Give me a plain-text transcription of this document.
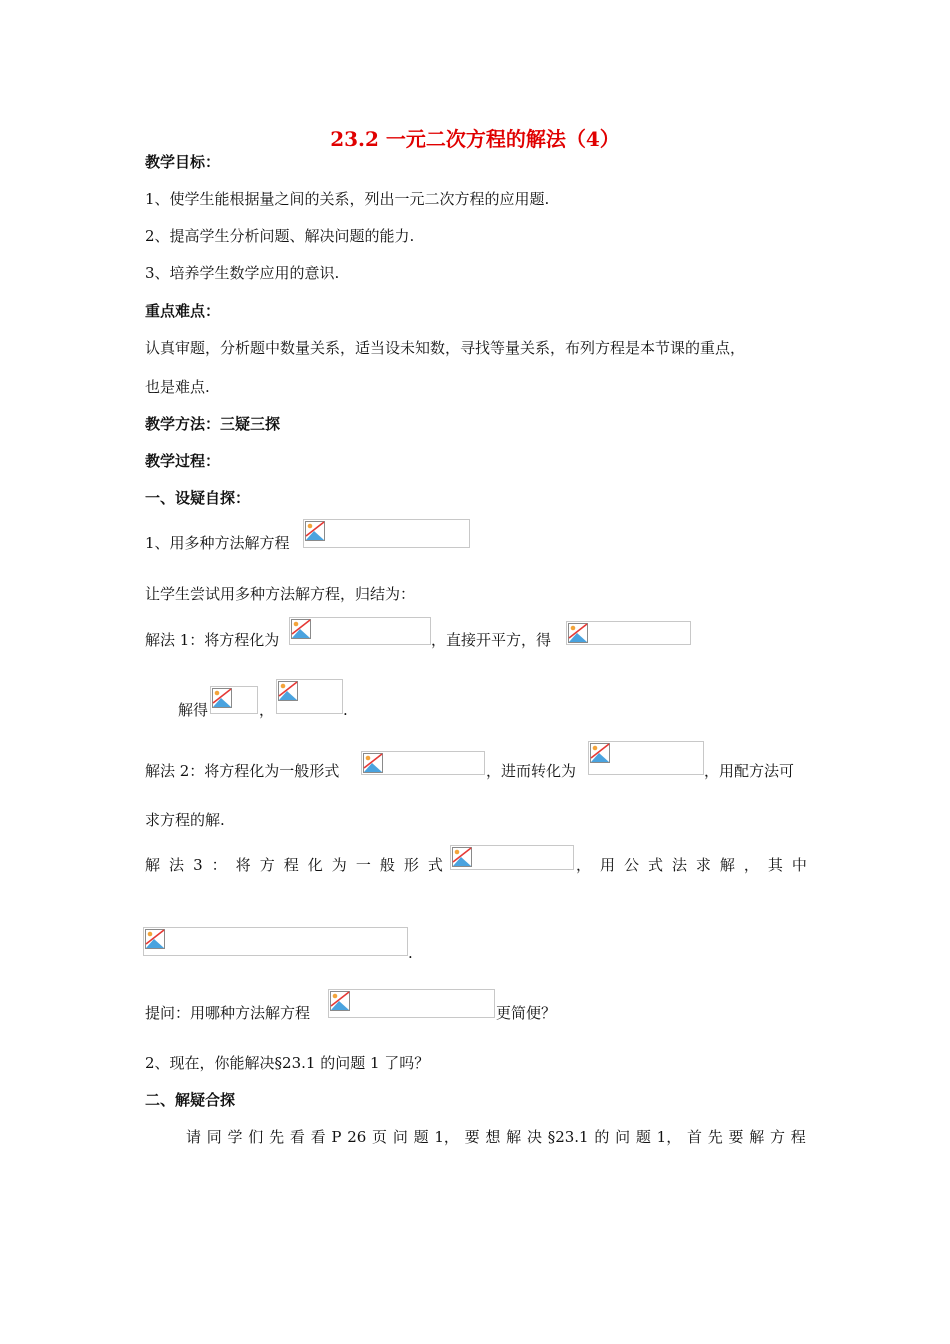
23.2 一元二次方程的解法（4）
教学目标：
1、使学生能根据量之间的关系，列出一元二次方程的应用题.
2、提高学生分析问题、解决问题的能力.
3、培养学生数学应用的意识.
重点难点：
认真审题，分析题中数量关系，适当设未知数，寻找等量关系，布列方程是本节课的重点，
也是难点.
教学方法：三疑三探
教学过程：
一、设疑自探：
1、用多种方法解方程
让学生尝试用多种方法解方程，归结为：
解法 1：将方程化为	，直接开平方，得
解得	，	.
解法 2：将方程化为一般形式	，进而转化为	，用配方法可
求方程的解.
解 法 3 ： 将 方 程 化 为 一 般 形 式	， 用 公 式 法 求 解 ， 其 中
.
提问：用哪种方法解方程	更简便？
2、现在，你能解决§23.1 的问题 1 了吗？
二、解疑合探
请 同 学 们 先 看 看 P 26 页 问 题 1， 要 想 解 决 §23.1 的 问 题 1， 首 先 要 解 方 程
